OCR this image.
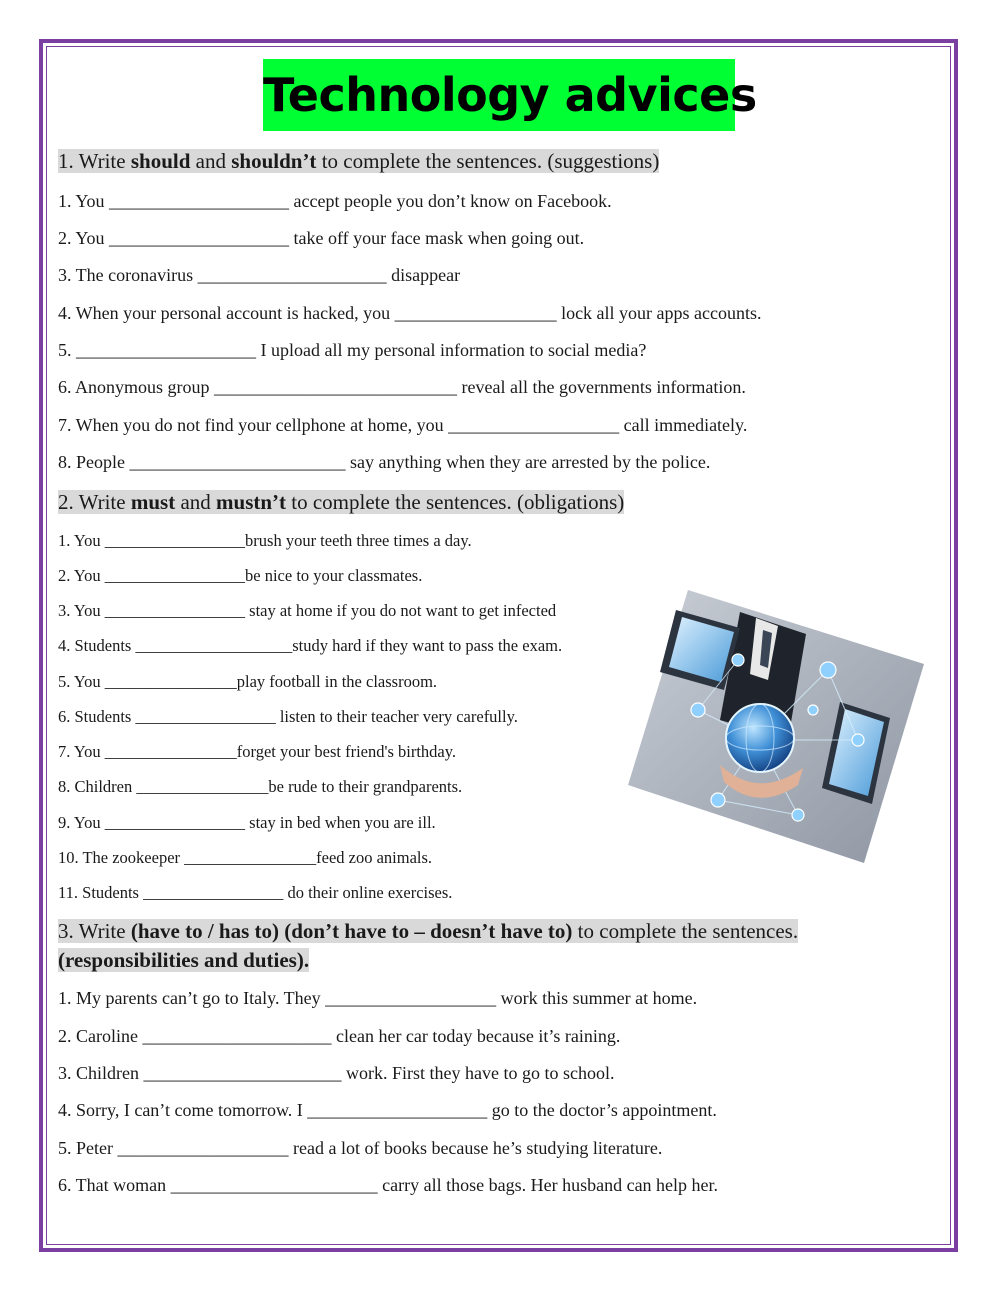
Technology advices
1. Write should and shouldn’t to complete the sentences. (suggestions)
1. You ____________________ accept people you don’t know on Facebook.
2. You ____________________ take off your face mask when going out.
3. The coronavirus _____________________ disappear
4. When your personal account is hacked, you __________________ lock all your apps accounts.
5. ____________________ I upload all my personal information to social media?
6. Anonymous group ___________________________ reveal all the governments information.
7. When you do not find your cellphone at home, you ___________________ call immediately.
8. People ________________________ say anything when they are arrested by the police.
2. Write must and mustn’t to complete the sentences. (obligations)
1. You _________________brush your teeth three times a day.
2. You _________________be nice to your classmates.
3. You _________________ stay at home if you do not want to get infected
4. Students ___________________study hard if they want to pass the exam.
5. You ________________play football in the classroom.
6. Students _________________ listen to their teacher very carefully.
7. You ________________forget your best friend's birthday.
8. Children ________________be rude to their grandparents.
9. You _________________ stay in bed when you are ill.
10. The zookeeper ________________feed zoo animals.
11. Students _________________ do their online exercises.
3. Write (have to / has to) (don’t have to – doesn’t have to) to complete the sentences.
(responsibilities and duties).
1. My parents can’t go to Italy. They ___________________ work this summer at home.
2. Caroline _____________________ clean her car today because it’s raining.
3. Children ______________________ work. First they have to go to school.
4. Sorry, I can’t come tomorrow. I ____________________ go to the doctor’s appointment.
5. Peter ___________________ read a lot of books because he’s studying literature.
6. That woman _______________________ carry all those bags. Her husband can help her.
